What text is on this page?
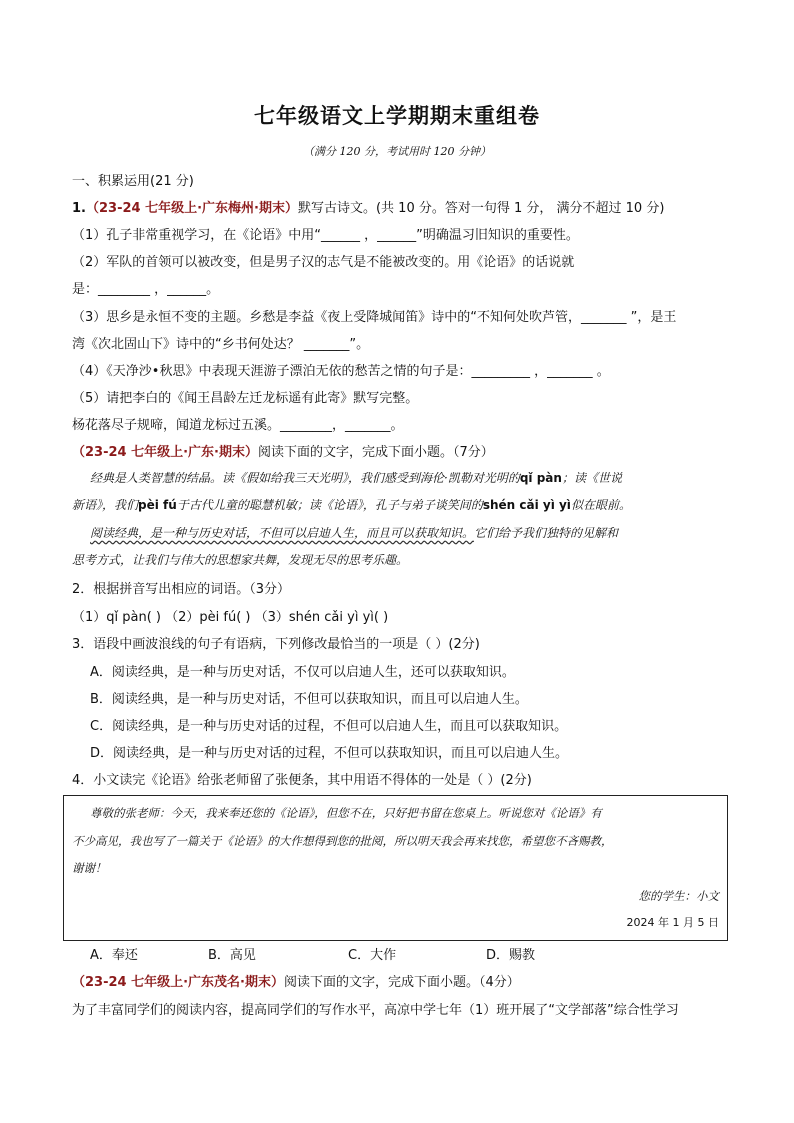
七年级语文上学期期末重组卷
（满分 120 分，考试用时 120 分钟）
一、积累运用(21 分)
1.（23-24 七年级上·广东梅州·期末）默写古诗文。(共 10 分。答对一句得 1 分， 满分不超过 10 分)
（1）孔子非常重视学习，在《论语》中用“______ ，______”明确温习旧知识的重要性。
（2）军队的首领可以被改变，但是男子汉的志气是不能被改变的。用《论语》的话说就
是：________ ，______。
（3）思乡是永恒不变的主题。乡愁是李益《夜上受降城闻笛》诗中的“不知何处吹芦管，_______ ”，是王
湾《次北固山下》诗中的“乡书何处达？ _______”。
（4）《天净沙•秋思》中表现天涯游子漂泊无依的愁苦之情的句子是：_________ ，_______ 。
（5）请把李白的《闻王昌龄左迁龙标遥有此寄》默写完整。
杨花落尽子规啼，闻道龙标过五溪。________，_______。
（23-24 七年级上·广东·期末）阅读下面的文字，完成下面小题。（7分）
经典是人类智慧的结晶。读《假如给我三天光明》，我们感受到海伦·凯勒对光明的qǐ pàn；读《世说
新语》，我们pèi fú于古代儿童的聪慧机敏；读《论语》，孔子与弟子谈笑间的shén cǎi yì yì似在眼前。
阅读经典，是一种与历史对话，不但可以启迪人生，而且可以获取知识。它们给予我们独特的见解和
思考方式，让我们与伟大的思想家共舞，发现无尽的思考乐趣。
2．根据拼音写出相应的词语。（3分）
（1）qǐ pàn( ) （2）pèi fú( ) （3）shén cǎi yì yì( )
3．语段中画波浪线的句子有语病，下列修改最恰当的一项是（ ）(2分)
A．阅读经典，是一种与历史对话，不仅可以启迪人生，还可以获取知识。
B．阅读经典，是一种与历史对话，不但可以获取知识，而且可以启迪人生。
C．阅读经典，是一种与历史对话的过程，不但可以启迪人生，而且可以获取知识。
D．阅读经典，是一种与历史对话的过程，不但可以获取知识，而且可以启迪人生。
4．小文读完《论语》给张老师留了张便条，其中用语不得体的一处是（ ）(2分)
尊敬的张老师：今天，我来奉还您的《论语》，但您不在，只好把书留在您桌上。听说您对《论语》有
不少高见，我也写了一篇关于《论语》的大作想得到您的批阅，所以明天我会再来找您，希望您不吝赐教，
谢谢！
您的学生：小文
2024 年 1 月 5 日
A．奉还	B．高见	C．大作	D．赐教
（23-24 七年级上·广东茂名·期末）阅读下面的文字，完成下面小题。（4分）
为了丰富同学们的阅读内容，提高同学们的写作水平，高凉中学七年（1）班开展了“文学部落”综合性学习
